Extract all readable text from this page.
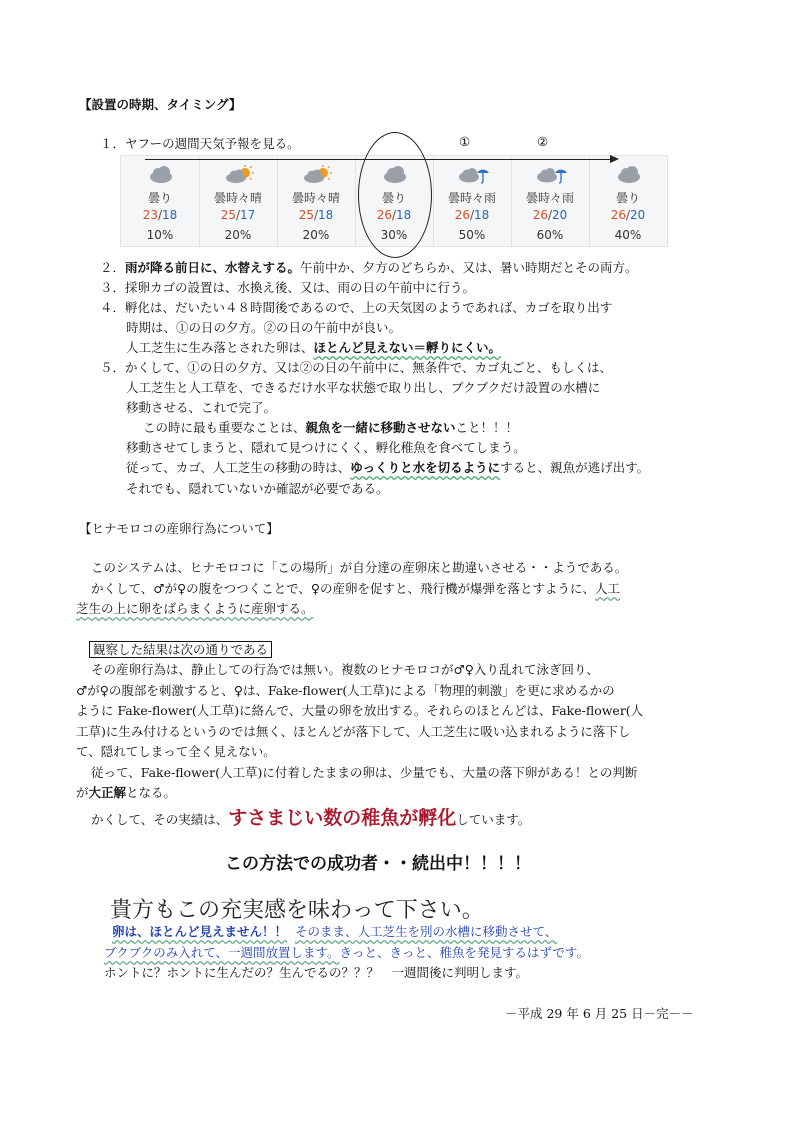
【設置の時期、タイミング】
１．ヤフーの週間天気予報を見る。	①	②
曇り
23/18
10%
曇時々晴
25/17
20%
曇時々晴
25/18
20%
曇り
26/18
30%
曇時々雨
26/18
50%
曇時々雨
26/20
60%
曇り
26/20
40%
２．雨が降る前日に、水替えする。午前中か、夕方のどちらか、又は、暑い時期だとその両方。
３．採卵カゴの設置は、水換え後、又は、雨の日の午前中に行う。
４．孵化は、だいたい４８時間後であるので、上の天気図のようであれば、カゴを取り出す
時期は、①の日の夕方。②の日の午前中が良い。
人工芝生に生み落とされた卵は、ほとんど見えない＝孵りにくい。
５．かくして、①の日の夕方、又は②の日の午前中に、無条件で、カゴ丸ごと、もしくは、
人工芝生と人工草を、できるだけ水平な状態で取り出し、ブクブクだけ設置の水槽に
移動させる、これで完了。
この時に最も重要なことは、親魚を一緒に移動させないこと！！！
移動させてしまうと、隠れて見つけにくく、孵化稚魚を食べてしまう。
従って、カゴ、人工芝生の移動の時は、ゆっくりと水を切るようにすると、親魚が逃げ出す。
それでも、隠れていないか確認が必要である。
【ヒナモロコの産卵行為について】
このシステムは、ヒナモロコに「この場所」が自分達の産卵床と勘違いさせる・・ようである。
かくして、♂が♀の腹をつつくことで、♀の産卵を促すと、飛行機が爆弾を落とすように、人工
芝生の上に卵をばらまくように産卵する。
観察した結果は次の通りである
その産卵行為は、静止しての行為では無い。複数のヒナモロコが♂♀入り乱れて泳ぎ回り、
♂が♀の腹部を刺激すると、♀は、Fake-flower(人工草)による「物理的刺激」を更に求めるかの
ように Fake-flower(人工草)に絡んで、大量の卵を放出する。それらのほとんどは、Fake-flower(人
工草)に生み付けるというのでは無く、ほとんどが落下して、人工芝生に吸い込まれるように落下し
て、隠れてしまって全く見えない。
従って、Fake-flower(人工草)に付着したままの卵は、少量でも、大量の落下卵がある！との判断
が大正解となる。
かくして、その実績は、すさまじい数の稚魚が孵化しています。
この方法での成功者・・続出中！！！！
貴方もこの充実感を味わって下さい。
卵は、ほとんど見えません！！ そのまま、人工芝生を別の水槽に移動させて、
ブクブクのみ入れて、一週間放置します。きっと、きっと、稚魚を発見するはずです。
ホントに？ホントに生んだの？生んでるの？？？　一週間後に判明します。
－平成 29 年 6 月 25 日－完－－
